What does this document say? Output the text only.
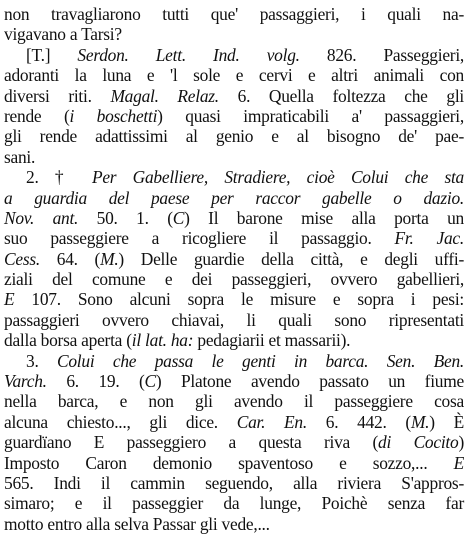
non travagliarono tutti que' passaggieri, i quali na-
vigavano a Tarsi?
[T.] Serdon. Lett. Ind. volg. 826. Passeggieri,
adoranti la luna e 'l sole e cervi e altri animali con
diversi riti. Magal. Relaz. 6. Quella foltezza che gli
rende (i boschetti) quasi impraticabili a' passaggieri,
gli rende adattissimi al genio e al bisogno de' pae-
sani.
2. † Per Gabelliere, Stradiere, cioè Colui che sta
a guardia del paese per raccor gabelle o dazio.
Nov. ant. 50. 1. (C) Il barone mise alla porta un
suo passeggiere a ricogliere il passaggio. Fr. Jac.
Cess. 64. (M.) Delle guardie della città, e degli uffi-
ziali del comune e dei passeggieri, ovvero gabellieri,
E 107. Sono alcuni sopra le misure e sopra i pesi:
passaggieri ovvero chiavai, li quali sono ripresentati
dalla borsa aperta (il lat. ha: pedagiarii et massarii).
3. Colui che passa le genti in barca. Sen. Ben.
Varch. 6. 19. (C) Platone avendo passato un fiume
nella barca, e non gli avendo il passeggiere cosa
alcuna chiesto..., gli dice. Car. En. 6. 442. (M.) È
guardïano E passeggiero a questa riva (di Cocito)
Imposto Caron demonio spaventoso e sozzo,... E
565. Indi il cammin seguendo, alla riviera S'appros-
simaro; e il passeggier da lunge, Poichè senza far
motto entro alla selva Passar gli vede,...
